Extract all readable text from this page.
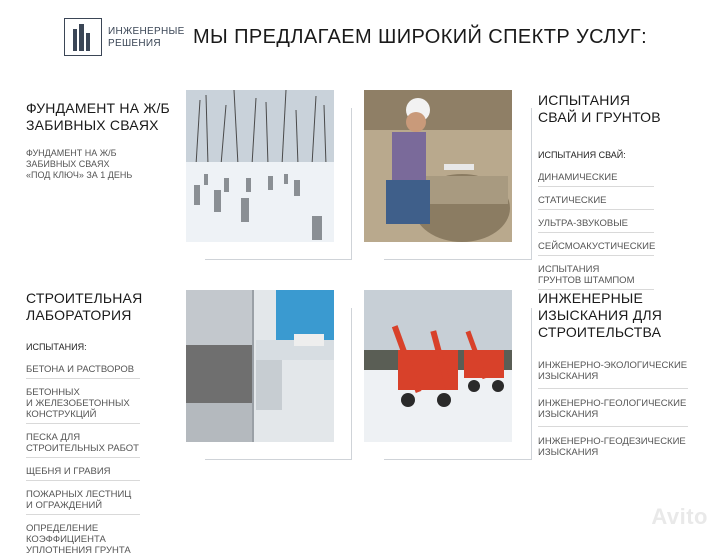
ИНЖЕНЕРНЫЕ
РЕШЕНИЯ	МЫ ПРЕДЛАГАЕМ ШИРОКИЙ СПЕКТР УСЛУГ:
ФУНДАМЕНТ НА Ж/Б
ЗАБИВНЫХ СВАЯХ
ФУНДАМЕНТ НА Ж/Б
ЗАБИВНЫХ СВАЯХ
«ПОД КЛЮЧ» ЗА 1 ДЕНЬ
ИСПЫТАНИЯ
СВАЙ И ГРУНТОВ
ИСПЫТАНИЯ СВАЙ:
ДИНАМИЧЕСКИЕ
СТАТИЧЕСКИЕ
УЛЬТРА-ЗВУКОВЫЕ
СЕЙСМОАКУСТИЧЕСКИЕ
ИСПЫТАНИЯ
ГРУНТОВ ШТАМПОМ
СТРОИТЕЛЬНАЯ
ЛАБОРАТОРИЯ
ИСПЫТАНИЯ:
БЕТОНА И РАСТВОРОВ
БЕТОННЫХ
И ЖЕЛЕЗОБЕТОННЫХ
КОНСТРУКЦИЙ
ПЕСКА ДЛЯ
СТРОИТЕЛЬНЫХ РАБОТ
ЩЕБНЯ И ГРАВИЯ
ПОЖАРНЫХ ЛЕСТНИЦ
И ОГРАЖДЕНИЙ
ОПРЕДЕЛЕНИЕ
КОЭФФИЦИЕНТА
УПЛОТНЕНИЯ ГРУНТА
ИНЖЕНЕРНЫЕ
ИЗЫСКАНИЯ ДЛЯ
СТРОИТЕЛЬСТВА
ИНЖЕНЕРНО-ЭКОЛОГИЧЕСКИЕ
ИЗЫСКАНИЯ
ИНЖЕНЕРНО-ГЕОЛОГИЧЕСКИЕ
ИЗЫСКАНИЯ
ИНЖЕНЕРНО-ГЕОДЕЗИЧЕСКИЕ
ИЗЫСКАНИЯ
Avito
